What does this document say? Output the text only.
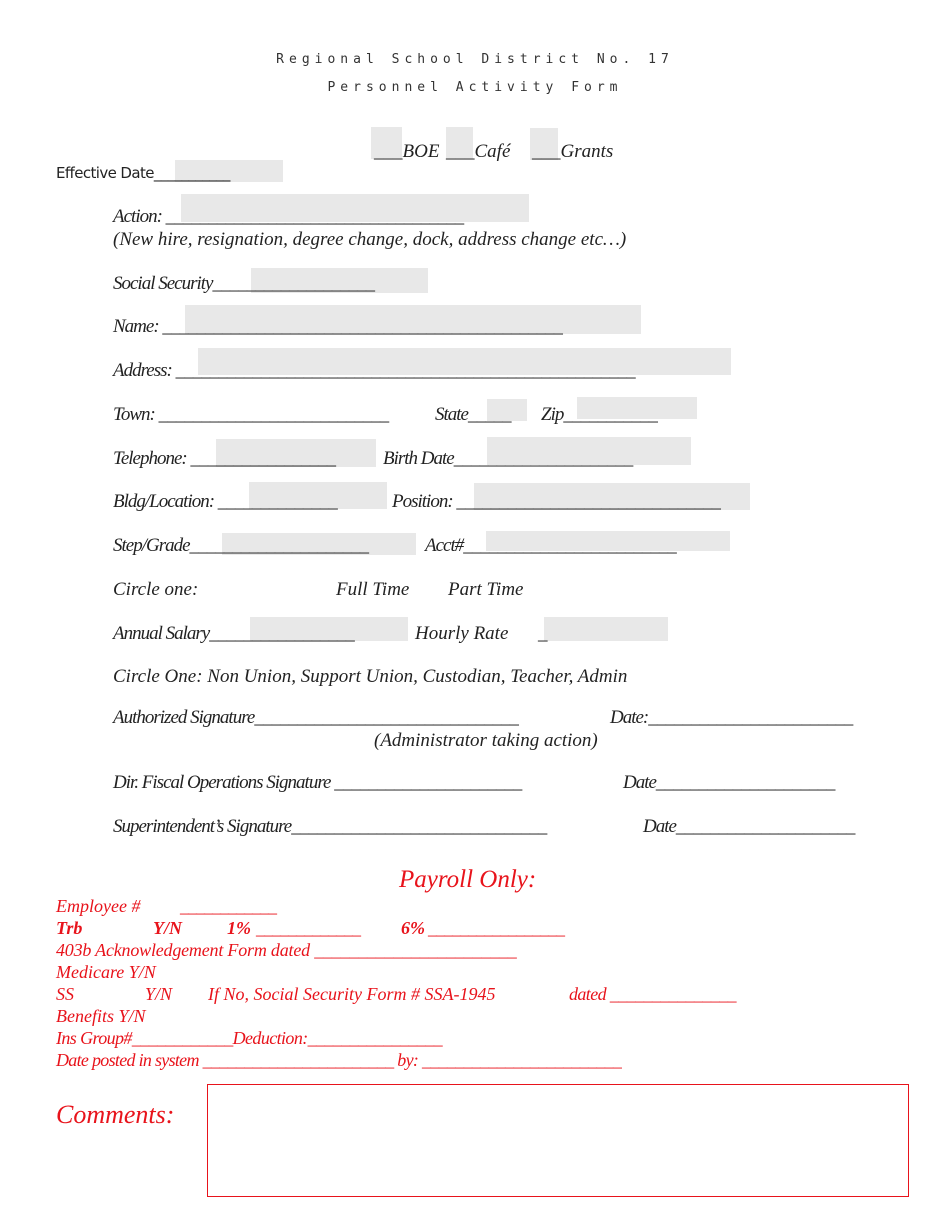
Regional School District No. 17
Personnel Activity Form
___BOE ___Café ___Grants
Effective Date___________
Action: ___________________________________
(New hire, resignation, degree change, dock, address change etc…)
Social Security___________________
Name: _______________________________________________
Address: ______________________________________________________
Town: ___________________________ State_____ Zip___________
Telephone: _________________	Birth Date_____________________
Bldg/Location: ______________	Position: _______________________________
Step/Grade_____________________	Acct#_________________________
Circle one:	Full Time Part Time
Annual Salary_________________	Hourly Rate _
Circle One: Non Union, Support Union, Custodian, Teacher, Admin
Authorized Signature_______________________________	Date:________________________
(Administrator taking action)
Dir. Fiscal Operations Signature ______________________	Date_____________________
Superintendent’s Signature______________________________	Date_____________________
Payroll Only:
Employee # ____________
Trb	Y/N	1% _____________ 6% _________________
403b Acknowledgement Form dated _______________________
Medicare Y/N
SS	Y/N If No, Social Security Form # SSA-1945	dated _______________
Benefits Y/N
Ins Group#____________Deduction:________________
Date posted in system _______________________ by: ________________________
Comments:
